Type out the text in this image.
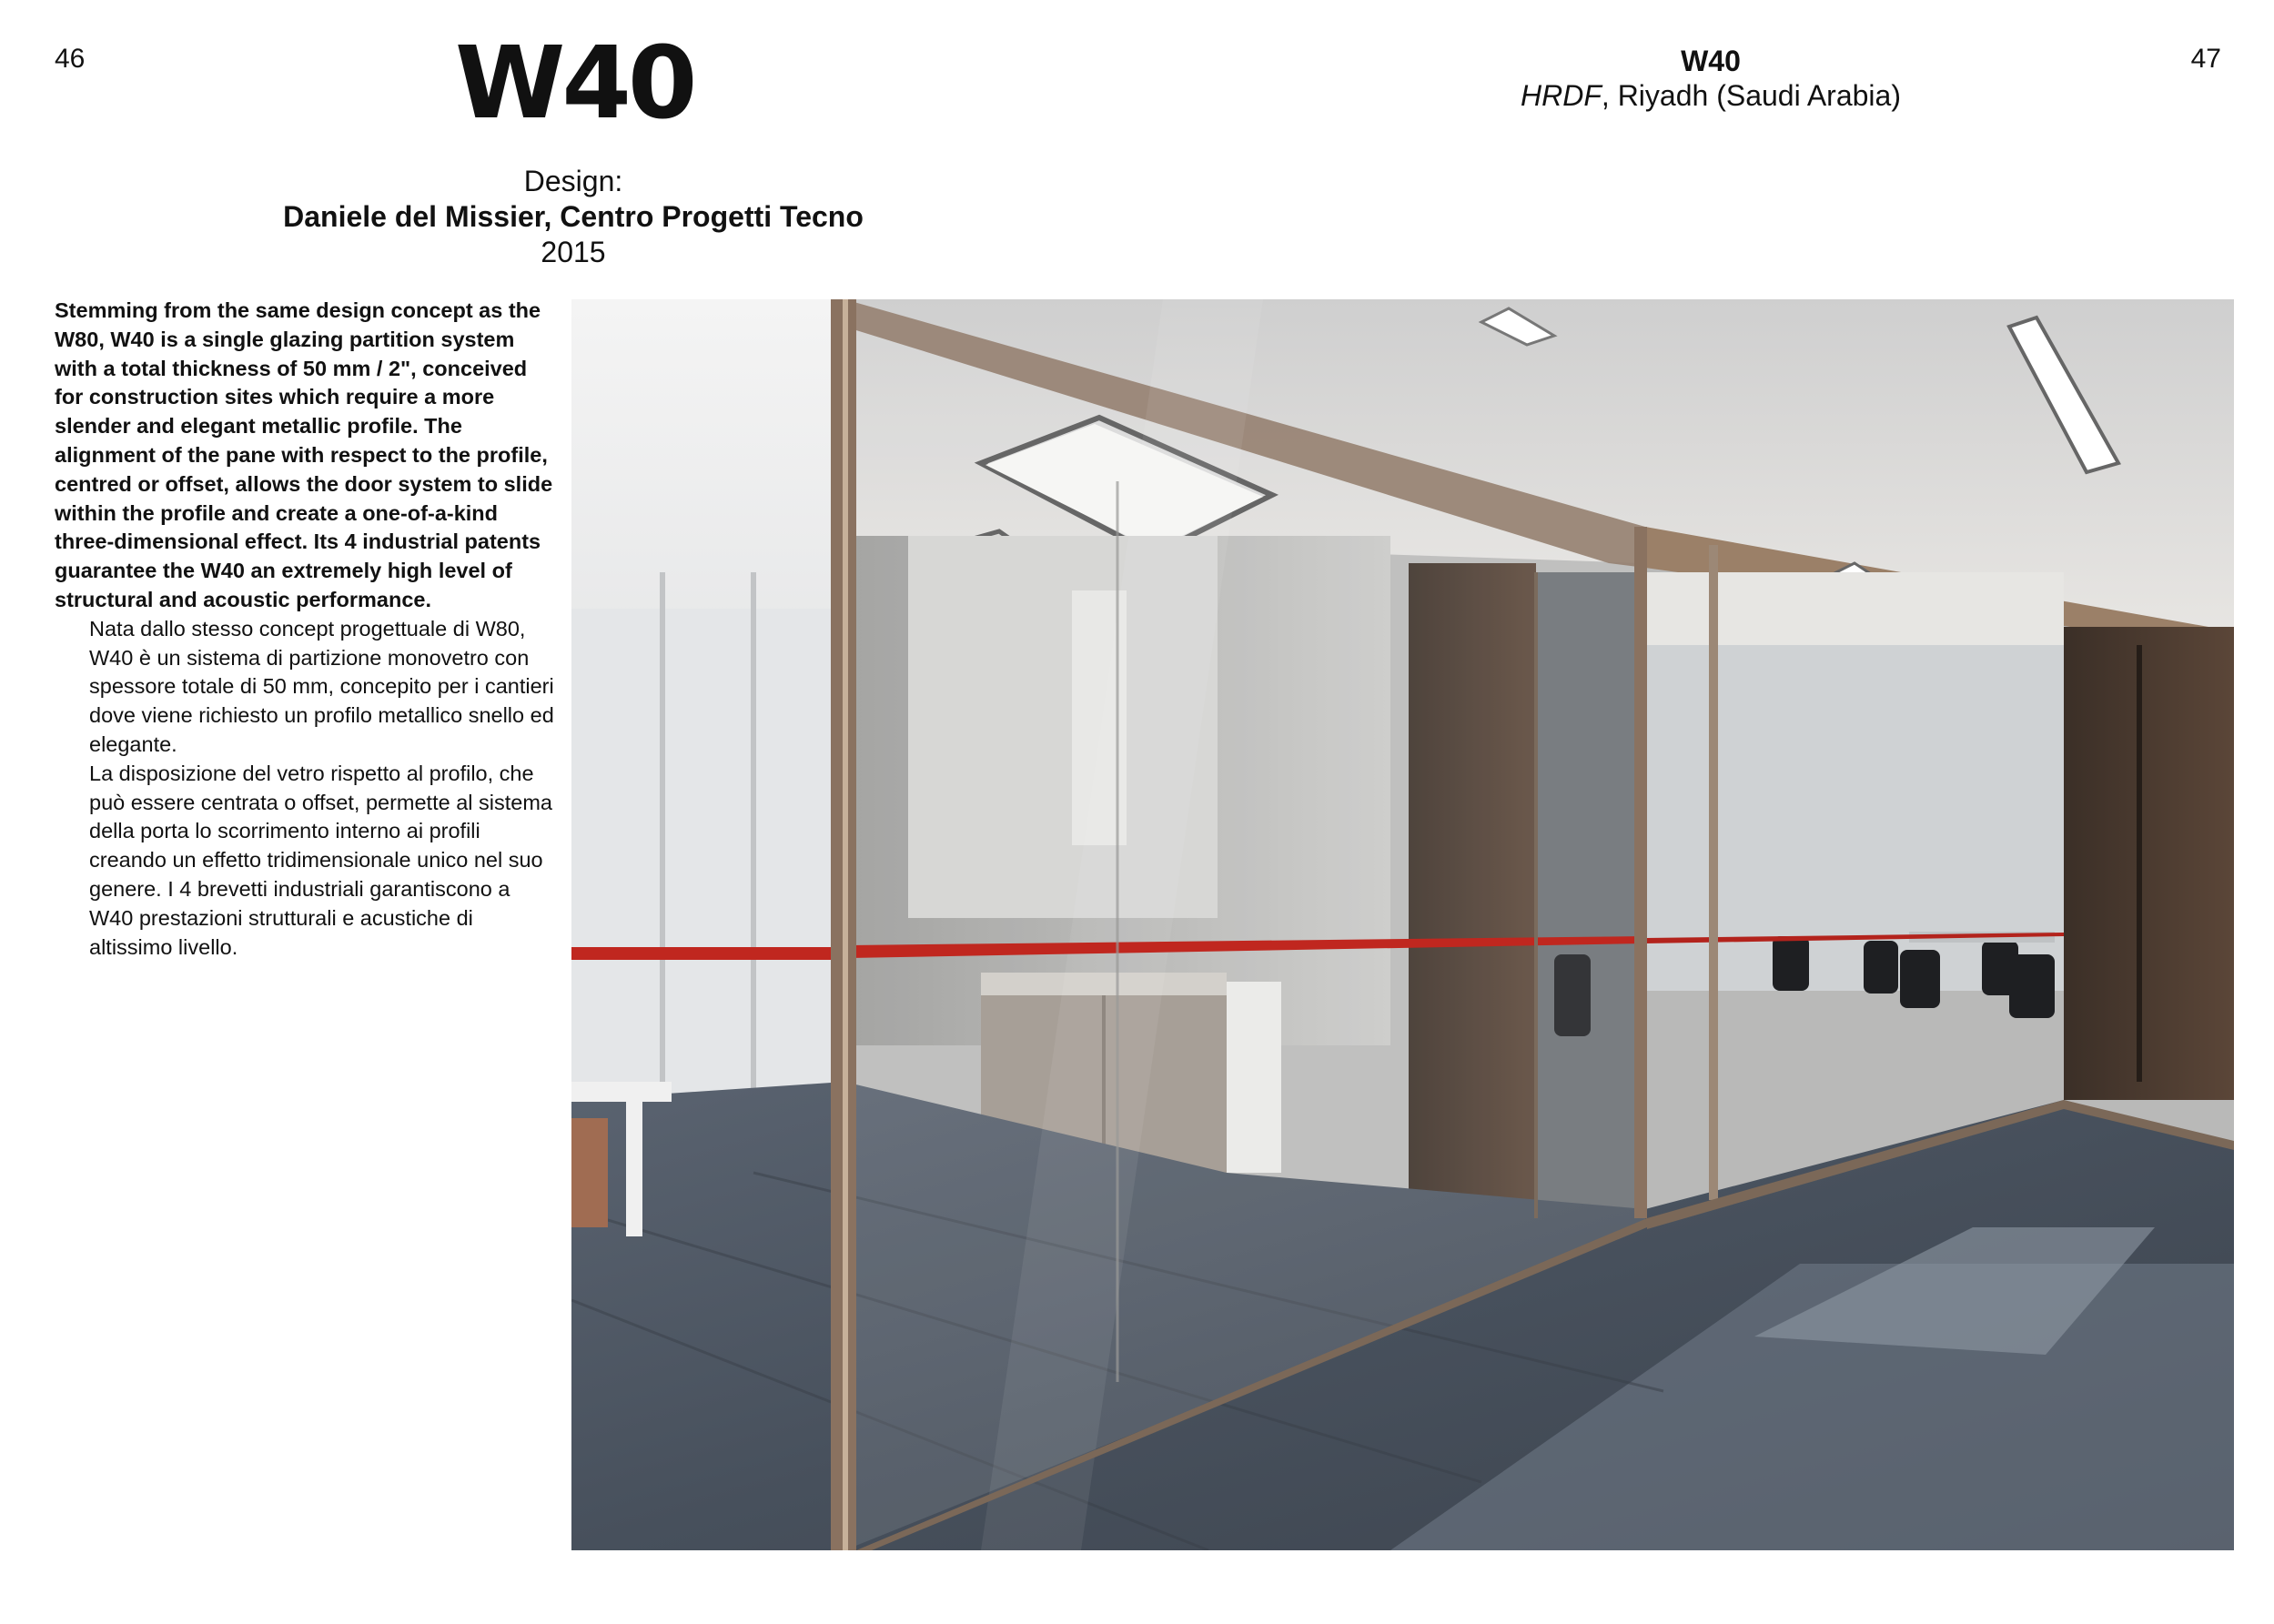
46	47
W40
Design:
Daniele del Missier, Centro Progetti Tecno
2015
W40
HRDF, Riyadh (Saudi Arabia)

Stemming from the same design concept as the W80, W40 is a single glazing partition system with a total thickness of 50 mm / 2", conceived for construction sites which require a more slender and elegant metallic profile. The alignment of the pane with respect to the profile, centred or offset, allows the door system to slide within the profile and create a one-of-a-kind three-dimensional effect. Its 4 industrial patents guarantee the W40 an extremely high level of structural and acoustic performance.

Nata dallo stesso concept progettuale di W80, W40 è un sistema di partizione monovetro con spessore totale di 50 mm, concepito per i cantieri dove viene richiesto un profilo metallico snello ed elegante.

La disposizione del vetro rispetto al profilo, che può essere centrata o offset, permette al sistema della porta lo scorrimento interno ai profili creando un effetto tridimensionale unico nel suo genere. I 4 brevetti industriali garantiscono a W40 prestazioni strutturali e acustiche di altissimo livello.
